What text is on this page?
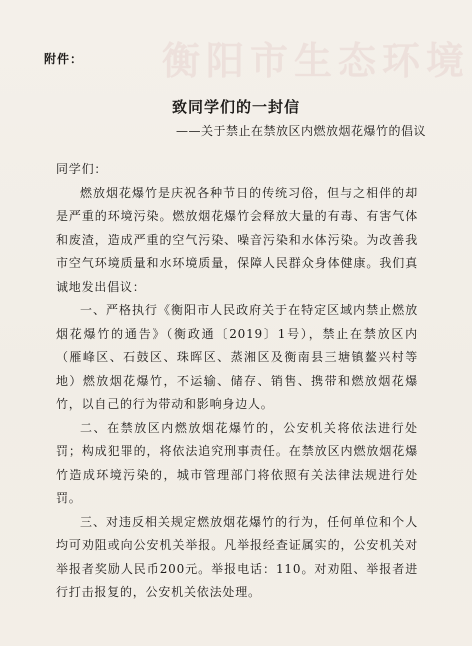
衡阳市生态环境
附件：
致同学们的一封信
——关于禁止在禁放区内燃放烟花爆竹的倡议

同学们：

燃放烟花爆竹是庆祝各种节日的传统习俗，但与之相伴的却是严重的环境污染。燃放烟花爆竹会释放大量的有毒、有害气体和废渣，造成严重的空气污染、噪音污染和水体污染。为改善我市空气环境质量和水环境质量，保障人民群众身体健康。我们真诚地发出倡议：

一、严格执行《衡阳市人民政府关于在特定区域内禁止燃放烟花爆竹的通告》（衡政通〔2019〕1号），禁止在禁放区内（雁峰区、石鼓区、珠晖区、蒸湘区及衡南县三塘镇鳌兴村等地）燃放烟花爆竹，不运输、储存、销售、携带和燃放烟花爆竹，以自己的行为带动和影响身边人。

二、在禁放区内燃放烟花爆竹的，公安机关将依法进行处罚；构成犯罪的，将依法追究刑事责任。在禁放区内燃放烟花爆竹造成环境污染的，城市管理部门将依照有关法律法规进行处罚。

三、对违反相关规定燃放烟花爆竹的行为，任何单位和个人均可劝阻或向公安机关举报。凡举报经查证属实的，公安机关对举报者奖励人民币200元。举报电话：110。对劝阻、举报者进行打击报复的，公安机关依法处理。
